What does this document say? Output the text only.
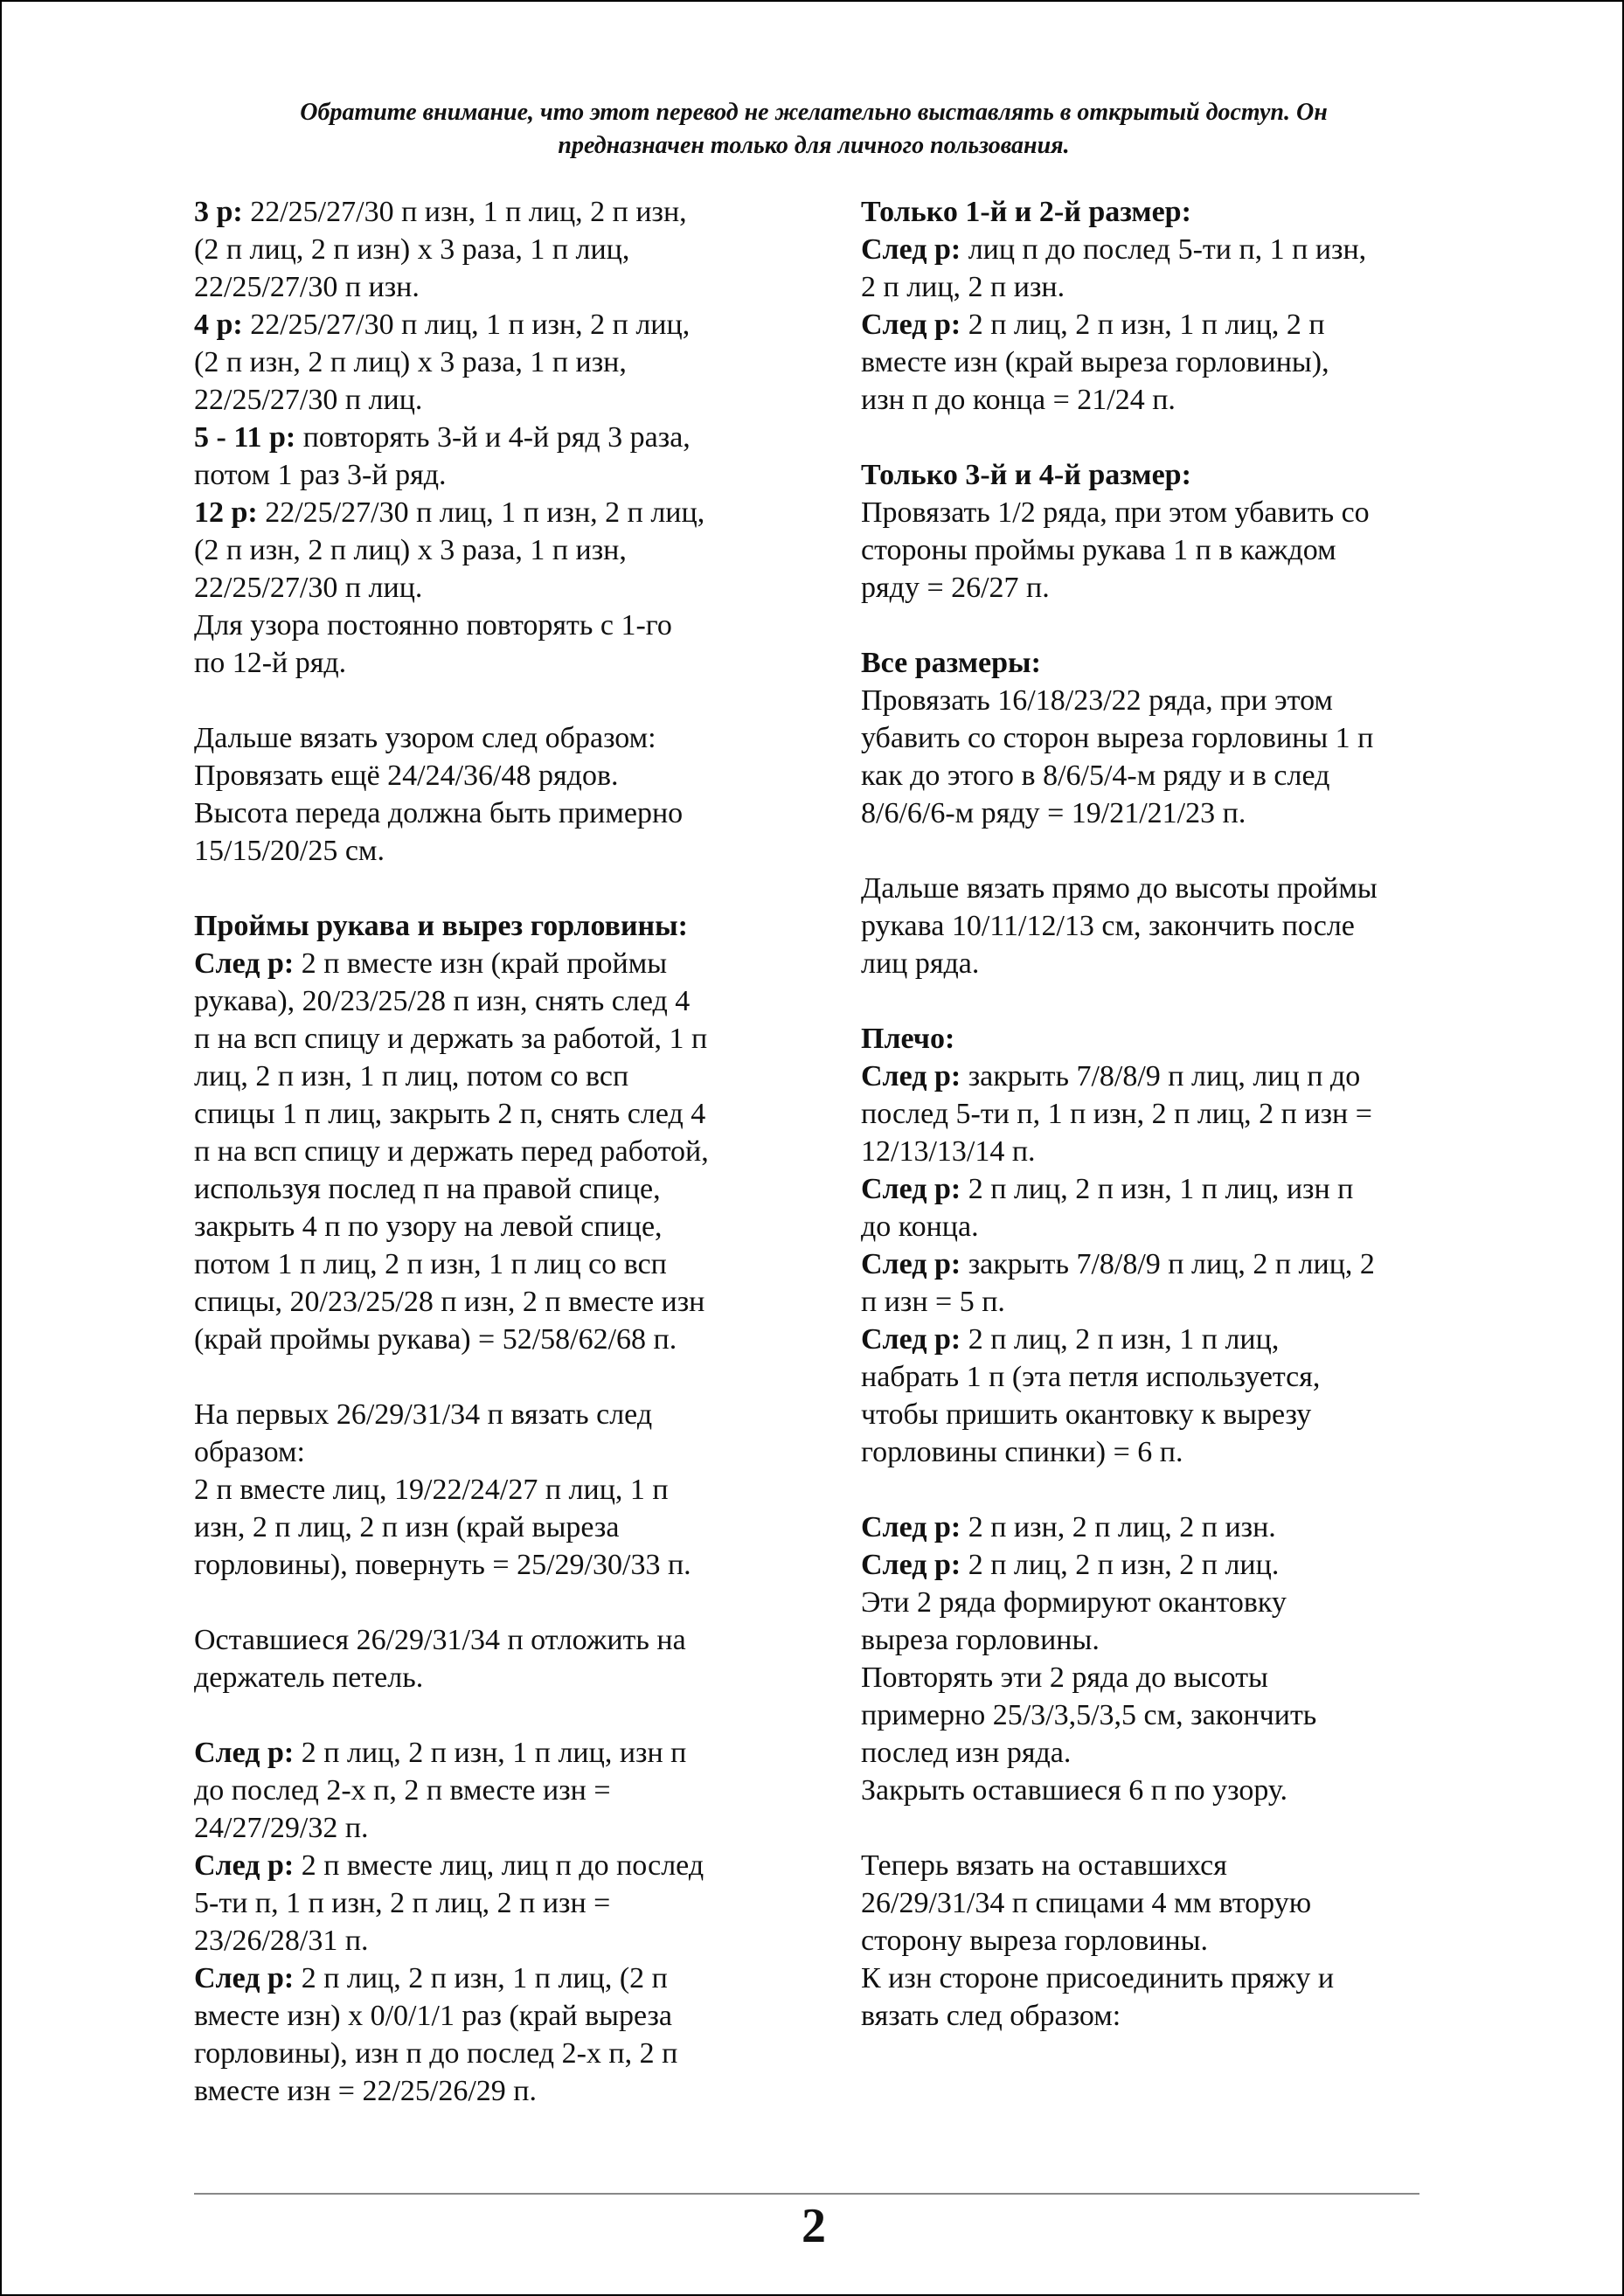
Обратите внимание, что этот перевод не желательно выставлять в открытый доступ. Он
предназначен только для личного пользования.
3 р: 22/25/27/30 п изн, 1 п лиц, 2 п изн,
(2 п лиц, 2 п изн) х 3 раза, 1 п лиц,
22/25/27/30 п изн.
4 р: 22/25/27/30 п лиц, 1 п изн, 2 п лиц,
(2 п изн, 2 п лиц) х 3 раза, 1 п изн,
22/25/27/30 п лиц.
5 - 11 р: повторять 3-й и 4-й ряд 3 раза,
потом 1 раз 3-й ряд.
12 р: 22/25/27/30 п лиц, 1 п изн, 2 п лиц,
(2 п изн, 2 п лиц) х 3 раза, 1 п изн,
22/25/27/30 п лиц.
Для узора постоянно повторять с 1-го
по 12-й ряд.
Дальше вязать узором след образом:
Провязать ещё 24/24/36/48 рядов.
Высота переда должна быть примерно
15/15/20/25 см.
Проймы рукава и вырез горловины:
След р: 2 п вместе изн (край проймы
рукава), 20/23/25/28 п изн, снять след 4
п на всп спицу и держать за работой, 1 п
лиц, 2 п изн, 1 п лиц, потом со всп
спицы 1 п лиц, закрыть 2 п, снять след 4
п на всп спицу и держать перед работой,
используя послед п на правой спице,
закрыть 4 п по узору на левой спице,
потом 1 п лиц, 2 п изн, 1 п лиц со всп
спицы, 20/23/25/28 п изн, 2 п вместе изн
(край проймы рукава) = 52/58/62/68 п.
На первых 26/29/31/34 п вязать след
образом:
2 п вместе лиц, 19/22/24/27 п лиц, 1 п
изн, 2 п лиц, 2 п изн (край выреза
горловины), повернуть = 25/29/30/33 п.
Оставшиеся 26/29/31/34 п отложить на
держатель петель.
След р: 2 п лиц, 2 п изн, 1 п лиц, изн п
до послед 2-х п, 2 п вместе изн =
24/27/29/32 п.
След р: 2 п вместе лиц, лиц п до послед
5-ти п, 1 п изн, 2 п лиц, 2 п изн =
23/26/28/31 п.
След р: 2 п лиц, 2 п изн, 1 п лиц, (2 п
вместе изн) х 0/0/1/1 раз (край выреза
горловины), изн п до послед 2-х п, 2 п
вместе изн = 22/25/26/29 п.
Только 1-й и 2-й размер:
След р: лиц п до послед 5-ти п, 1 п изн,
2 п лиц, 2 п изн.
След р: 2 п лиц, 2 п изн, 1 п лиц, 2 п
вместе изн (край выреза горловины),
изн п до конца = 21/24 п.
Только 3-й и 4-й размер:
Провязать 1/2 ряда, при этом убавить со
стороны проймы рукава 1 п в каждом
ряду = 26/27 п.
Все размеры:
Провязать 16/18/23/22 ряда, при этом
убавить со сторон выреза горловины 1 п
как до этого в 8/6/5/4-м ряду и в след
8/6/6/6-м ряду = 19/21/21/23 п.
Дальше вязать прямо до высоты проймы
рукава 10/11/12/13 см, закончить после
лиц ряда.
Плечо:
След р: закрыть 7/8/8/9 п лиц, лиц п до
послед 5-ти п, 1 п изн, 2 п лиц, 2 п изн =
12/13/13/14 п.
След р: 2 п лиц, 2 п изн, 1 п лиц, изн п
до конца.
След р: закрыть 7/8/8/9 п лиц, 2 п лиц, 2
п изн = 5 п.
След р: 2 п лиц, 2 п изн, 1 п лиц,
набрать 1 п (эта петля используется,
чтобы пришить окантовку к вырезу
горловины спинки) = 6 п.
След р: 2 п изн, 2 п лиц, 2 п изн.
След р: 2 п лиц, 2 п изн, 2 п лиц.
Эти 2 ряда формируют окантовку
выреза горловины.
Повторять эти 2 ряда до высоты
примерно 25/3/3,5/3,5 см, закончить
послед изн ряда.
Закрыть оставшиеся 6 п по узору.
Теперь вязать на оставшихся
26/29/31/34 п спицами 4 мм вторую
сторону выреза горловины.
К изн стороне присоединить пряжу и
вязать след образом:
2
